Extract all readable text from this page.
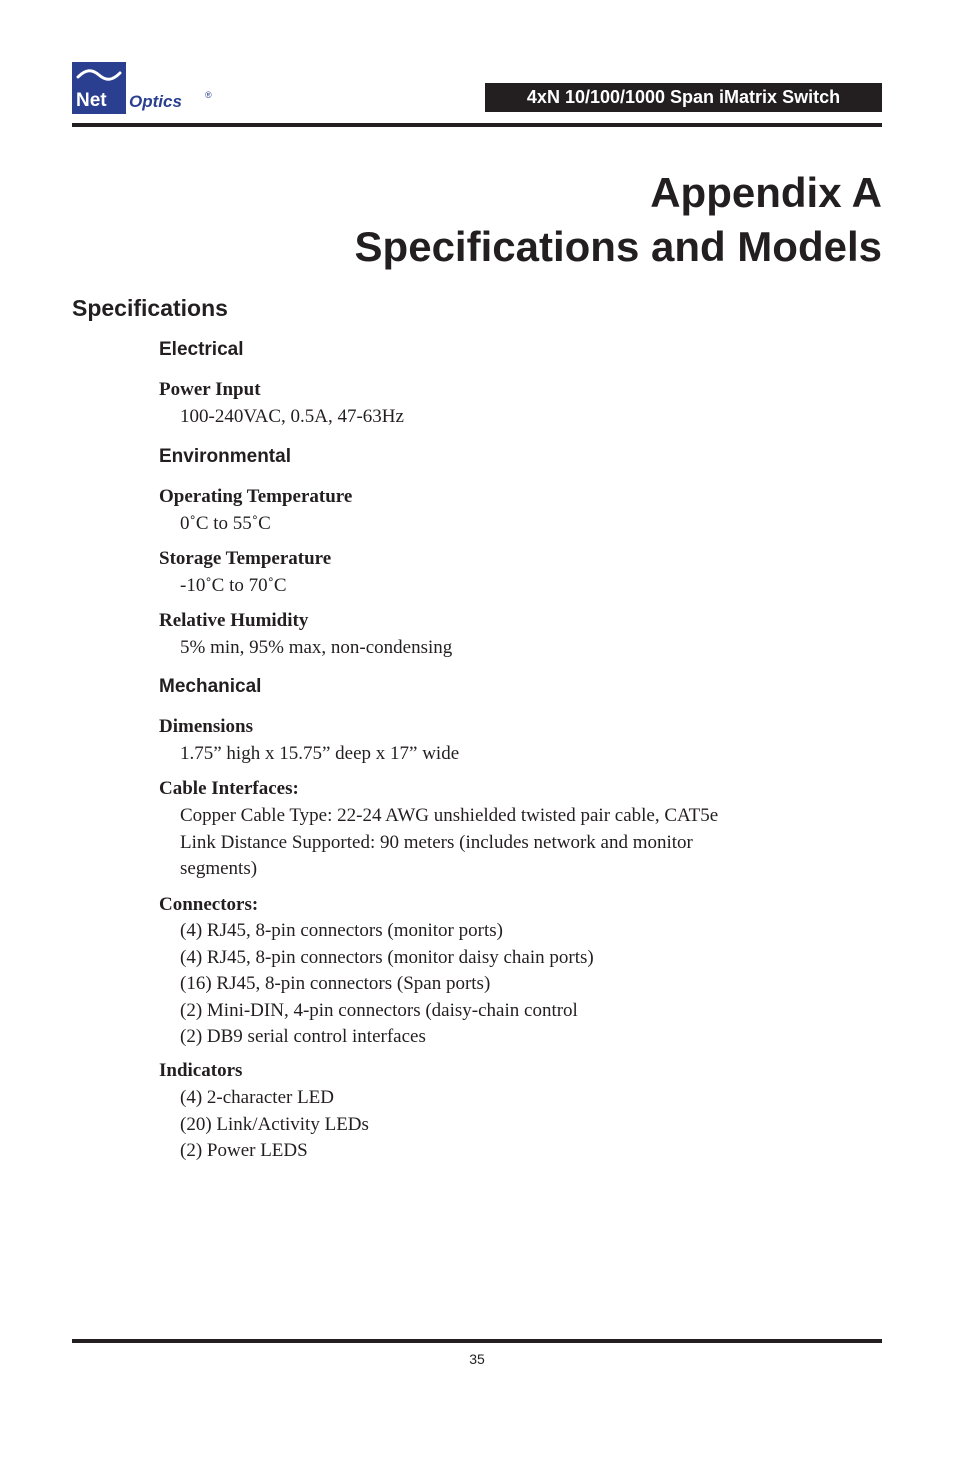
Net Optics	®	4xN 10/100/1000 Span iMatrix Switch
Appendix A
Specifications and Models
Specifications
Electrical
Power Input
100-240VAC, 0.5A, 47-63Hz
Environmental
Operating Temperature
0˚C to 55˚C
Storage Temperature
-10˚C to 70˚C
Relative Humidity
5% min, 95% max, non-condensing
Mechanical
Dimensions
1.75” high x 15.75” deep x 17” wide
Cable Interfaces:
Copper Cable Type: 22-24 AWG unshielded twisted pair cable, CAT5e
Link Distance Supported: 90 meters (includes network and monitor
segments)
Connectors:
(4) RJ45, 8-pin connectors (monitor ports)
(4) RJ45, 8-pin connectors (monitor daisy chain ports)
(16) RJ45, 8-pin connectors (Span ports)
(2) Mini-DIN, 4-pin connectors (daisy-chain control
(2) DB9 serial control interfaces
Indicators
(4) 2-character LED
(20) Link/Activity LEDs
(2) Power LEDS
35
